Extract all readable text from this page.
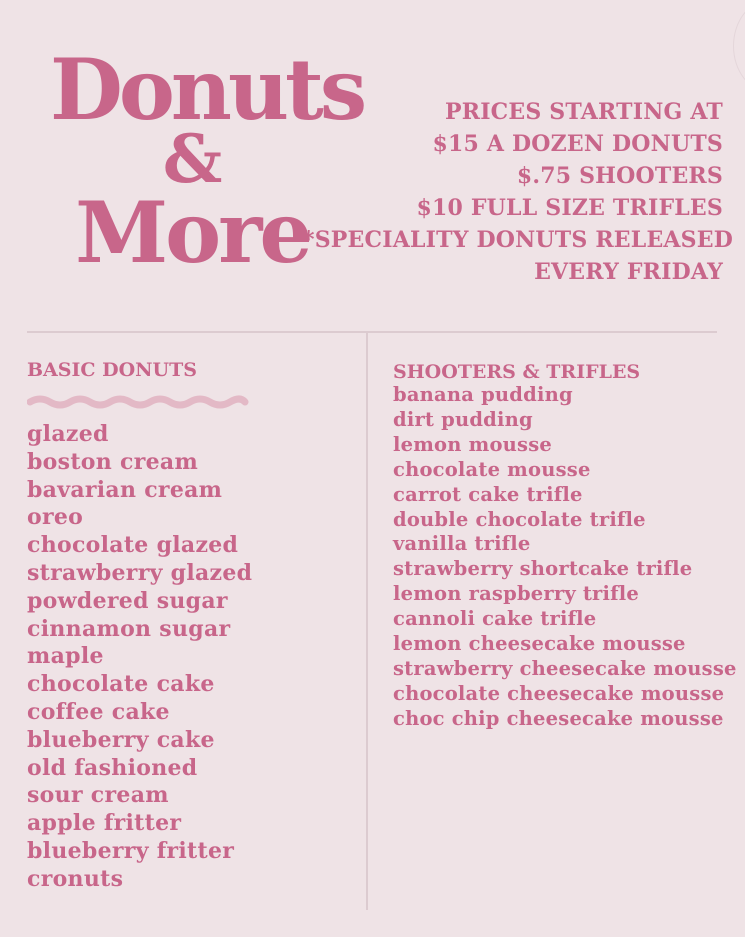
Donuts
&
More
PRICES STARTING AT
$15 A DOZEN DONUTS
$.75 SHOOTERS
$10 FULL SIZE TRIFLES
*SPECIALITY DONUTS RELEASED
EVERY FRIDAY
BASIC DONUTS
glazed
boston cream
bavarian cream
oreo
chocolate glazed
strawberry glazed
powdered sugar
cinnamon sugar
maple
chocolate cake
coffee cake
blueberry cake
old fashioned
sour cream
apple fritter
blueberry fritter
cronuts
SHOOTERS & TRIFLES
banana pudding
dirt pudding
lemon mousse
chocolate mousse
carrot cake trifle
double chocolate trifle
vanilla trifle
strawberry shortcake trifle
lemon raspberry trifle
cannoli cake trifle
lemon cheesecake mousse
strawberry cheesecake mousse
chocolate cheesecake mousse
choc chip cheesecake mousse
